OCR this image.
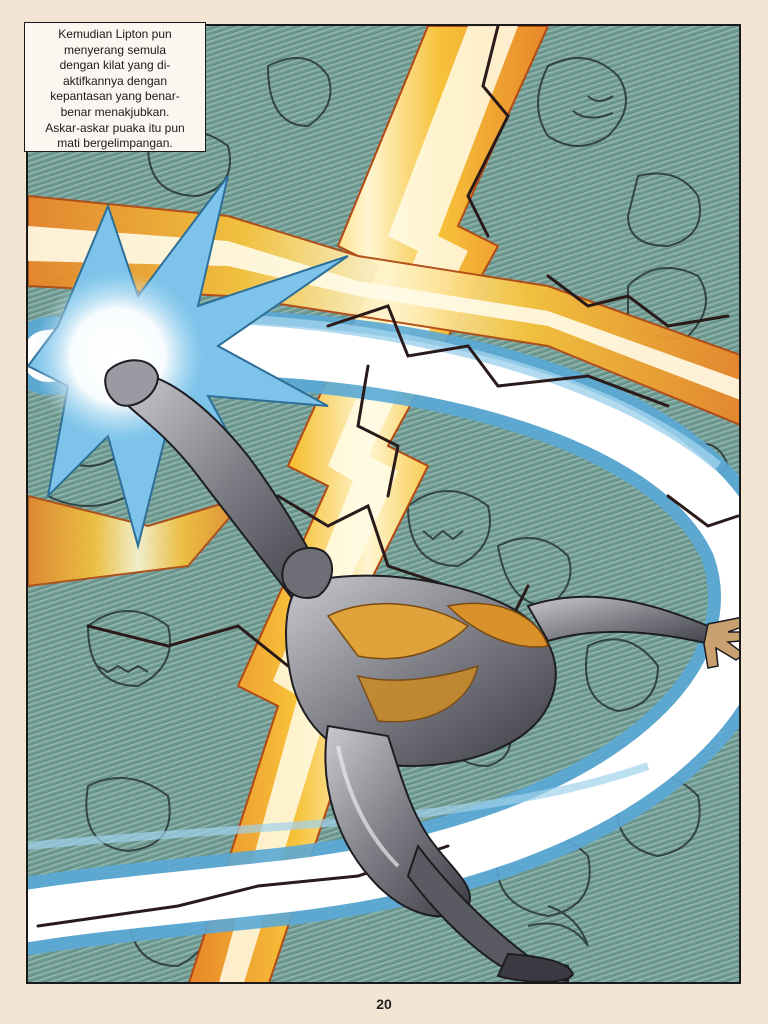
Kemudian Lipton pun
menyerang semula
dengan kilat yang di-
aktifkannya dengan
kepantasan yang benar-
benar menakjubkan.
Askar-askar puaka itu pun
mati bergelimpangan.
20
